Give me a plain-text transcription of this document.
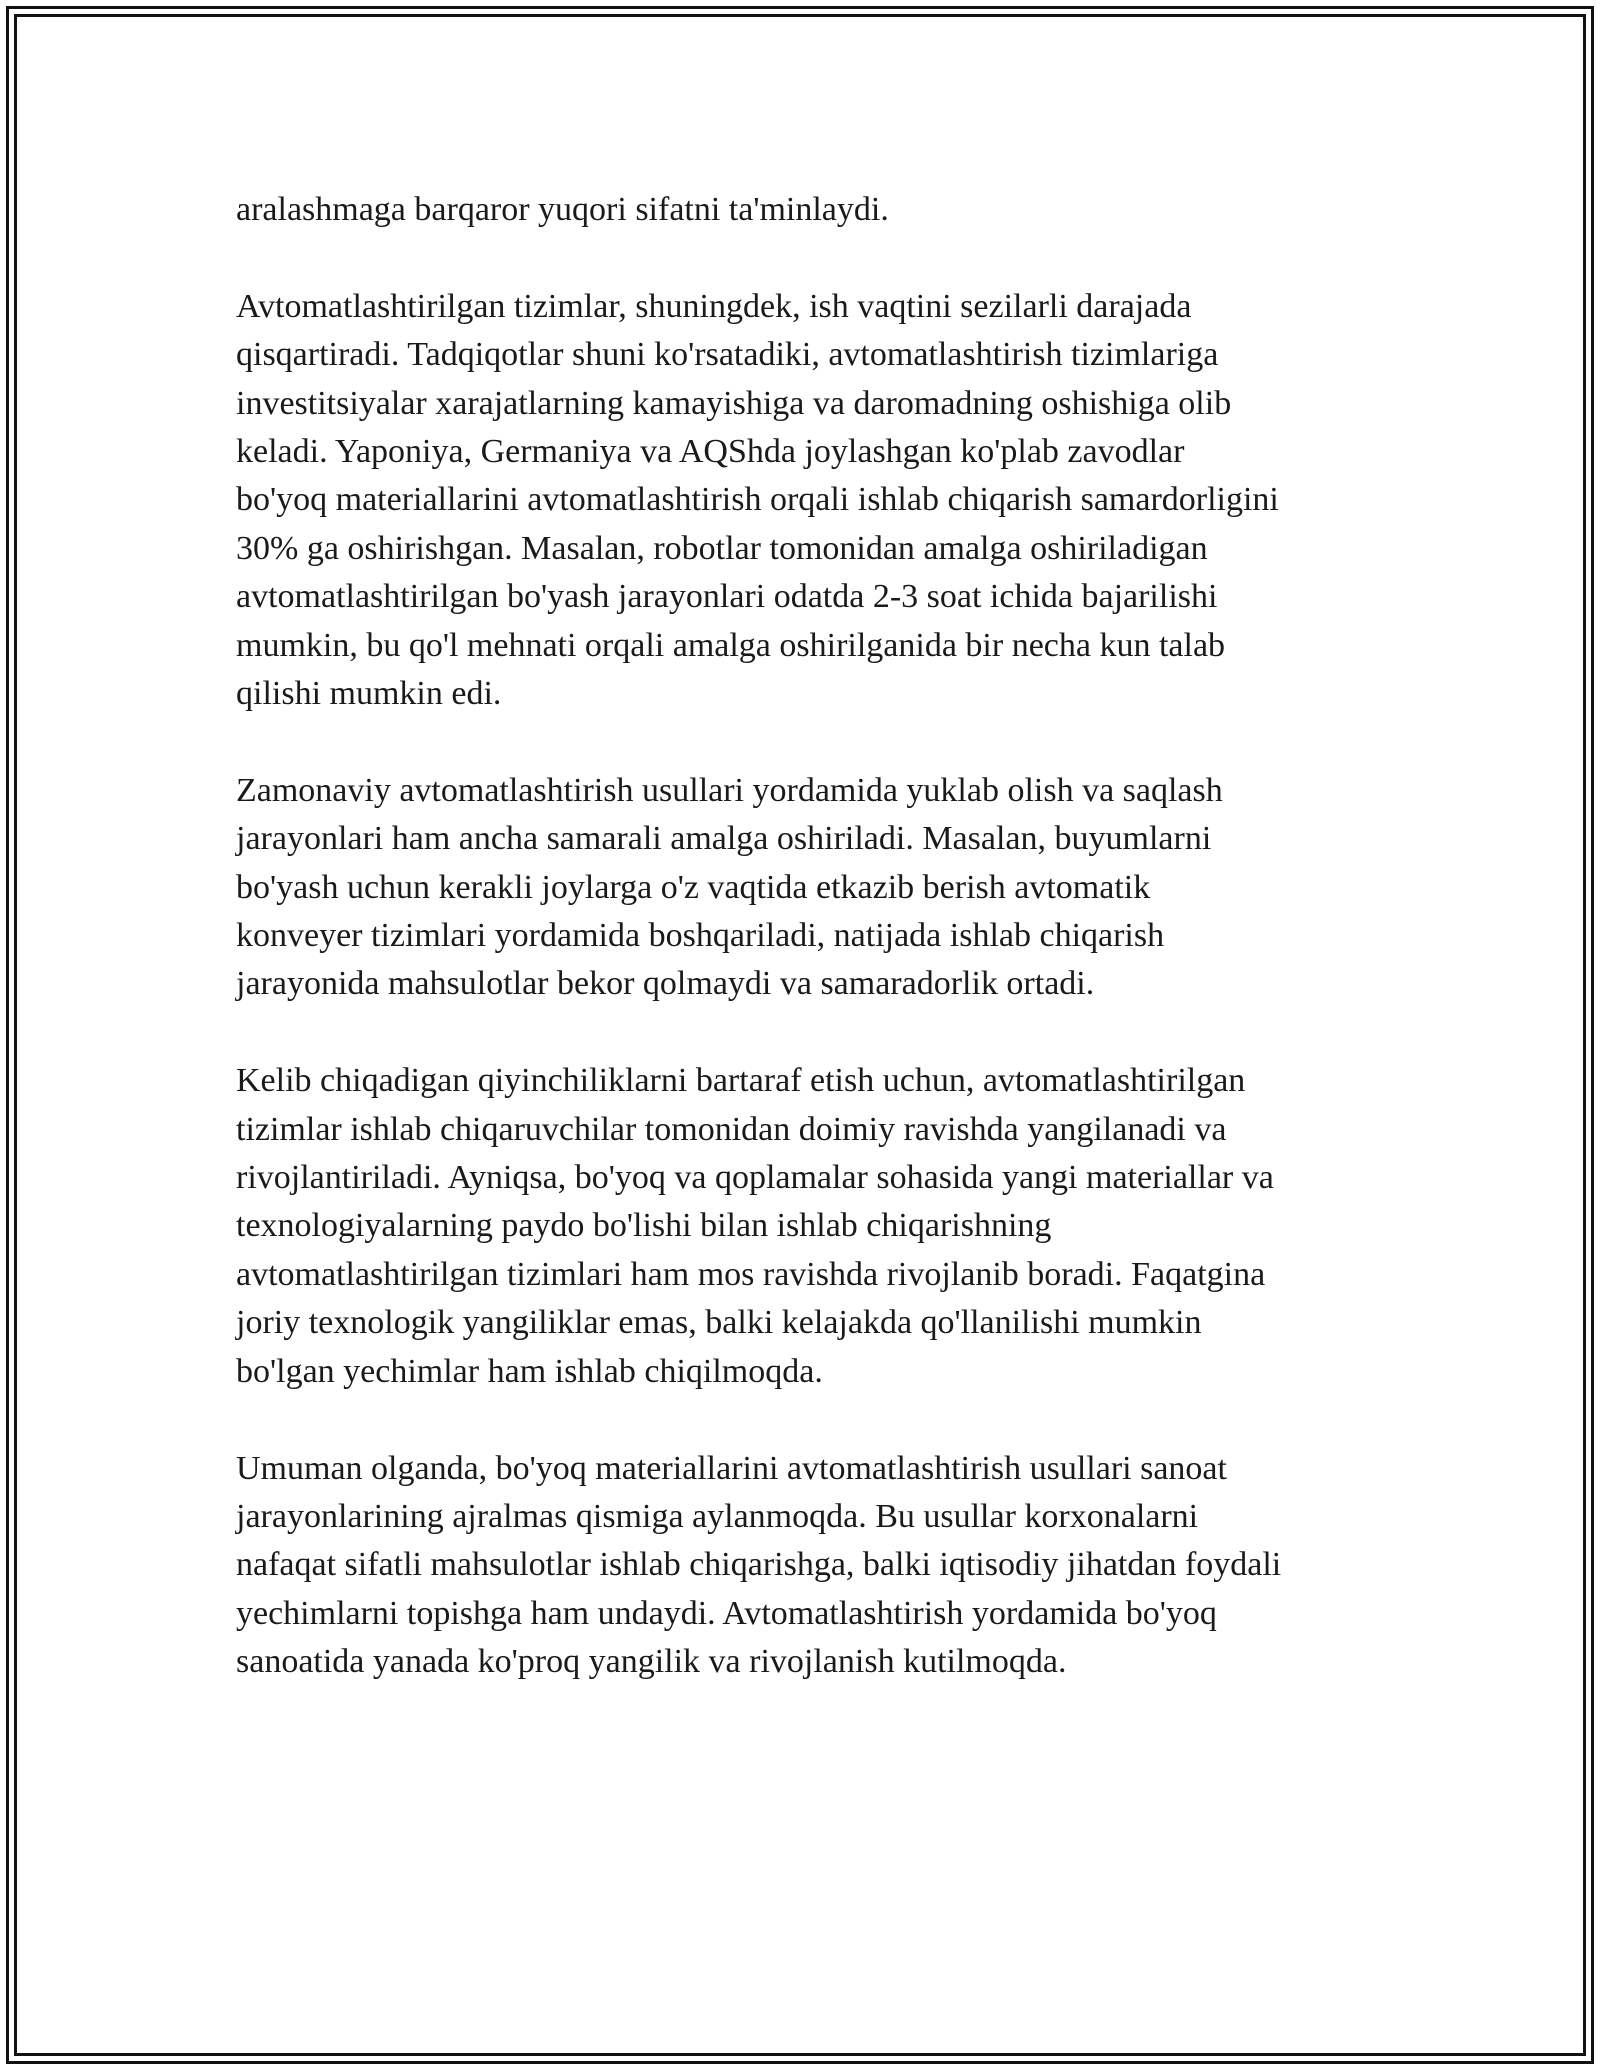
aralashmaga barqaror yuqori sifatni ta'minlaydi.

Avtomatlashtirilgan tizimlar, shuningdek, ish vaqtini sezilarli darajada
qisqartiradi. Tadqiqotlar shuni ko'rsatadiki, avtomatlashtirish tizimlariga
investitsiyalar xarajatlarning kamayishiga va daromadning oshishiga olib
keladi. Yaponiya, Germaniya va AQShda joylashgan ko'plab zavodlar
bo'yoq materiallarini avtomatlashtirish orqali ishlab chiqarish samardorligini
30% ga oshirishgan. Masalan, robotlar tomonidan amalga oshiriladigan
avtomatlashtirilgan bo'yash jarayonlari odatda 2-3 soat ichida bajarilishi
mumkin, bu qo'l mehnati orqali amalga oshirilganida bir necha kun talab
qilishi mumkin edi.

Zamonaviy avtomatlashtirish usullari yordamida yuklab olish va saqlash
jarayonlari ham ancha samarali amalga oshiriladi. Masalan, buyumlarni
bo'yash uchun kerakli joylarga o'z vaqtida etkazib berish avtomatik
konveyer tizimlari yordamida boshqariladi, natijada ishlab chiqarish
jarayonida mahsulotlar bekor qolmaydi va samaradorlik ortadi.

Kelib chiqadigan qiyinchiliklarni bartaraf etish uchun, avtomatlashtirilgan
tizimlar ishlab chiqaruvchilar tomonidan doimiy ravishda yangilanadi va
rivojlantiriladi. Ayniqsa, bo'yoq va qoplamalar sohasida yangi materiallar va
texnologiyalarning paydo bo'lishi bilan ishlab chiqarishning
avtomatlashtirilgan tizimlari ham mos ravishda rivojlanib boradi. Faqatgina
joriy texnologik yangiliklar emas, balki kelajakda qo'llanilishi mumkin
bo'lgan yechimlar ham ishlab chiqilmoqda.

Umuman olganda, bo'yoq materiallarini avtomatlashtirish usullari sanoat
jarayonlarining ajralmas qismiga aylanmoqda. Bu usullar korxonalarni
nafaqat sifatli mahsulotlar ishlab chiqarishga, balki iqtisodiy jihatdan foydali
yechimlarni topishga ham undaydi. Avtomatlashtirish yordamida bo'yoq
sanoatida yanada ko'proq yangilik va rivojlanish kutilmoqda.
